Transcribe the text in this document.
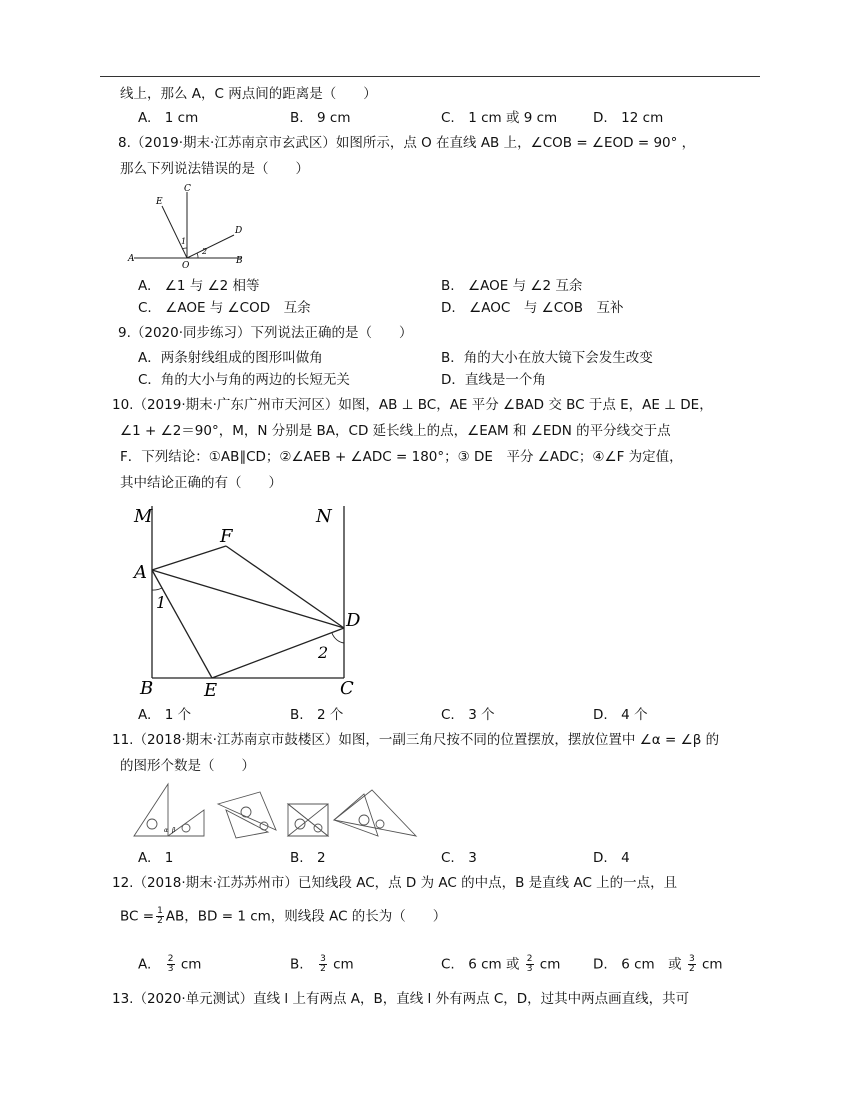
线上，那么 A，C 两点间的距离是（　　）
A.　1 cm	B.　9 cm	C.　1 cm 或 9 cm	D.　12 cm
8.（2019·期末·江苏南京市玄武区）如图所示，点 O 在直线 AB 上，∠COB = ∠EOD = 90° ，
那么下列说法错误的是（　　）
A	B
C
D
E
O
1
2
A.　∠1 与 ∠2 相等	B.　∠AOE 与 ∠2 互余
C.　∠AOE 与 ∠COD　互余	D.　∠AOC　与 ∠COB　互补
9.（2020·同步练习）下列说法正确的是（　　）
A．两条射线组成的图形叫做角	B．角的大小在放大镜下会发生改变
C．角的大小与角的两边的长短无关	D．直线是一个角
10.（2019·期末·广东广州市天河区）如图，AB ⊥ BC，AE 平分 ∠BAD 交 BC 于点 E，AE ⊥ DE，
∠1 + ∠2＝90°，M，N 分别是 BA，CD 延长线上的点，∠EAM 和 ∠EDN 的平分线交于点
F．下列结论：①AB∥CD；②∠AEB + ∠ADC = 180°；③ DE　平分 ∠ADC；④∠F 为定值，
其中结论正确的有（　　）
M	N
A
F
D
B	E	C
1
2
A.　1 个	B.　2 个	C.　3 个	D.　4 个
11.（2018·期末·江苏南京市鼓楼区）如图，一副三角尺按不同的位置摆放，摆放位置中 ∠α = ∠β 的
的图形个数是（　　）
α β
A.　1	B.　2	C.　3	D.　4
12.（2018·期末·江苏苏州市）已知线段 AC，点 D 为 AC 的中点，B 是直线 AC 上的一点，且
BC = $\frac{1}{2}$ AB，BD = 1 cm，则线段 AC 的长为（　　）
A.　 $\frac{2}{3}$ cm	B.　 $\frac{3}{2}$ cm	C.　 6 cm 或 $\frac{2}{3}$ cm D.　 6 cm　或 $\frac{3}{2}$ cm
13.（2020·单元测试）直线 l 上有两点 A，B，直线 l 外有两点 C，D，过其中两点画直线，共可
